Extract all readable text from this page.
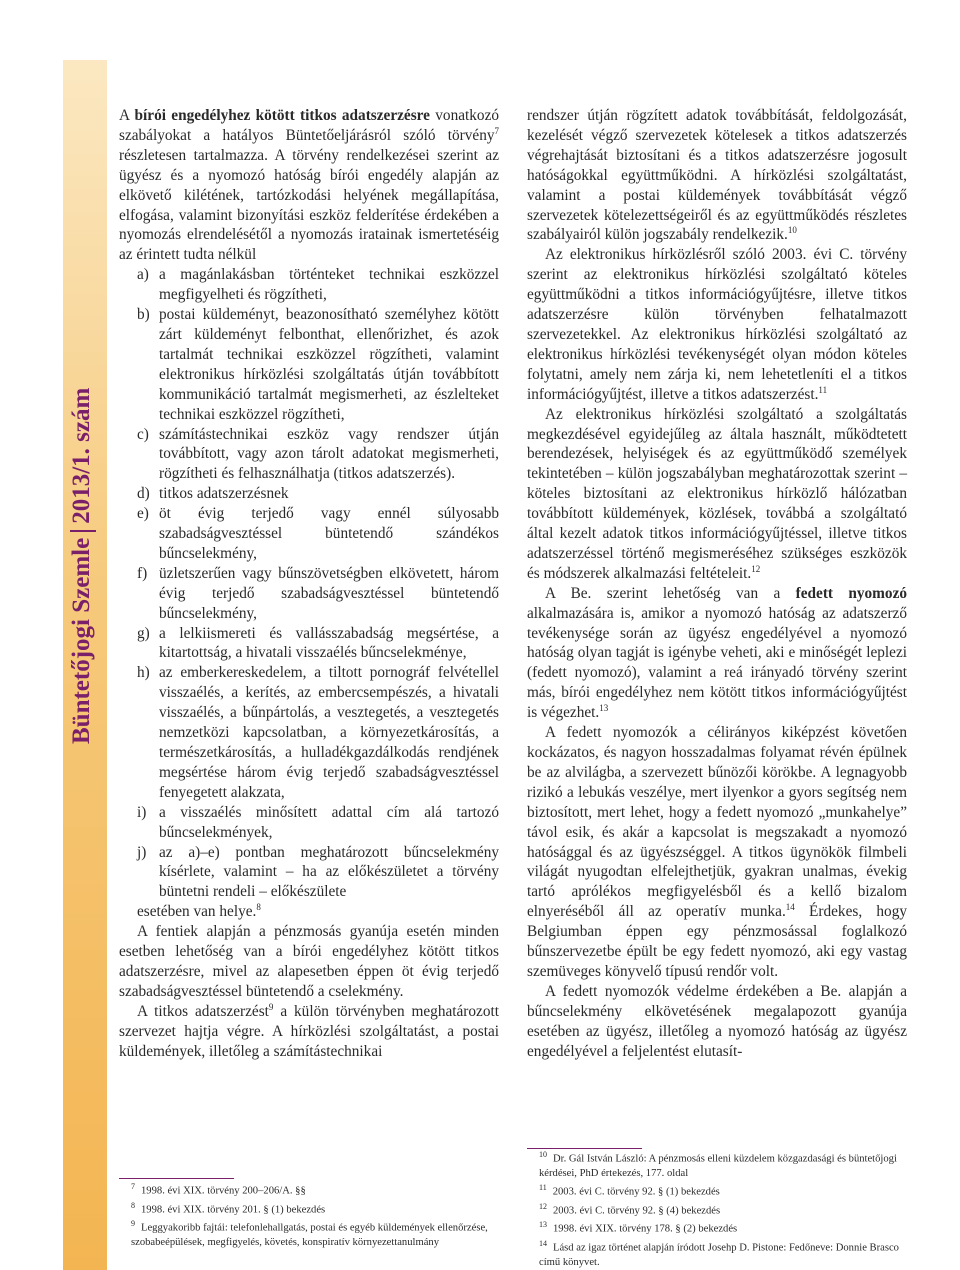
Büntetőjogi Szemle2013/1. szám

A bírói engedélyhez kötött titkos adatszerzésre vonatkozó szabályokat a hatályos Büntetőeljárásról szóló törvény$^7$ részletesen tartalmazza. A törvény rendelkezései szerint az ügyész és a nyomozó hatóság bírói engedély alapján az elkövető kilétének, tartózkodási helyének megállapítása, elfogása, valamint bizonyítási eszköz felderítése érdekében a nyomozás elrendelésétől a nyomozás iratainak ismertetéséig az érintett tudta nélkül

a) a magánlakásban történteket technikai eszközzel megfigyelheti és rögzítheti,
b) postai küldeményt, beazonosítható személyhez kötött zárt küldeményt felbonthat, ellenőrizhet, és azok tartalmát technikai eszközzel rögzítheti, valamint elektronikus hírközlési szolgáltatás útján továbbított kommunikáció tartalmát megismerheti, az észlelteket technikai eszközzel rögzítheti,
c) számítástechnikai eszköz vagy rendszer útján továbbított, vagy azon tárolt adatokat megismerheti, rögzítheti és felhasználhatja (titkos adatszerzés).
d) titkos adatszerzésnek
e) öt évig terjedő vagy ennél súlyosabb szabadságvesztéssel büntetendő szándékos bűncselekmény,
f) üzletszerűen vagy bűnszövetségben elkövetett, három évig terjedő szabadságvesztéssel büntetendő bűncselekmény,
g) a lelkiismereti és vallásszabadság megsértése, a kitartottság, a hivatali visszaélés bűncselekménye,
h) az emberkereskedelem, a tiltott pornográf felvétellel visszaélés, a kerítés, az embercsempészés, a hivatali visszaélés, a bűnpártolás, a vesztegetés, a vesztegetés nemzetközi kapcsolatban, a környezetkárosítás, a természetkárosítás, a hulladékgazdálkodás rendjének megsértése három évig terjedő szabadságvesztéssel fenyegetett alakzata,
i) a visszaélés minősített adattal cím alá tartozó bűncselekmények,
j) az a)–e) pontban meghatározott bűncselekmény kísérlete, valamint – ha az előkészületet a törvény büntetni rendeli – előkészülete

esetében van helye.$^8$

A fentiek alapján a pénzmosás gyanúja esetén minden esetben lehetőség van a bírói engedélyhez kötött titkos adatszerzésre, mivel az alapesetben éppen öt évig terjedő szabadságvesztéssel büntetendő a cselekmény.

A titkos adatszerzést$^9$ a külön törvényben meghatározott szervezet hajtja végre. A hírközlési szolgáltatást, a postai küldemények, illetőleg a számítástechnikai

rendszer útján rögzített adatok továbbítását, feldolgozását, kezelését végző szervezetek kötelesek a titkos adatszerzés végrehajtását biztosítani és a titkos adatszerzésre jogosult hatóságokkal együttműködni. A hírközlési szolgáltatást, valamint a postai küldemények továbbítását végző szervezetek kötelezettségeiről és az együttműködés részletes szabályairól külön jogszabály rendelkezik.$^{10}$

Az elektronikus hírközlésről szóló 2003. évi C. törvény szerint az elektronikus hírközlési szolgáltató köteles együttműködni a titkos információgyűjtésre, illetve titkos adatszerzésre külön törvényben felhatalmazott szervezetekkel. Az elektronikus hírközlési szolgáltató az elektronikus hírközlési tevékenységét olyan módon köteles folytatni, amely nem zárja ki, nem lehetetleníti el a titkos információgyűjtést, illetve a titkos adatszerzést.$^{11}$

Az elektronikus hírközlési szolgáltató a szolgáltatás megkezdésével egyidejűleg az általa használt, működtetett berendezések, helyiségek és az együttműködő személyek tekintetében – külön jogszabályban meghatározottak szerint – köteles biztosítani az elektronikus hírközlő hálózatban továbbított küldemények, közlések, továbbá a szolgáltató által kezelt adatok titkos információgyűjtéssel, illetve titkos adatszerzéssel történő megismeréséhez szükséges eszközök és módszerek alkalmazási feltételeit.$^{12}$

A Be. szerint lehetőség van a fedett nyomozó alkalmazására is, amikor a nyomozó hatóság az adatszerző tevékenysége során az ügyész engedélyével a nyomozó hatóság olyan tagját is igénybe veheti, aki e minőségét leplezi (fedett nyomozó), valamint a reá irányadó törvény szerint más, bírói engedélyhez nem kötött titkos információgyűjtést is végezhet.$^{13}$

A fedett nyomozók a célirányos kiképzést követően kockázatos, és nagyon hosszadalmas folyamat révén épülnek be az alvilágba, a szervezett bűnözői körökbe. A legnagyobb rizikó a lebukás veszélye, mert ilyenkor a gyors segítség nem biztosított, mert lehet, hogy a fedett nyomozó „munkahelye” távol esik, és akár a kapcsolat is megszakadt a nyomozó hatósággal és az ügyészséggel. A titkos ügynökök filmbeli világát nyugodtan elfelejthetjük, gyakran unalmas, évekig tartó aprólékos megfigyelésből és a kellő bizalom elnyeréséből áll az operatív munka.$^{14}$ Érdekes, hogy Belgiumban éppen egy pénzmosással foglalkozó bűnszervezetbe épült be egy fedett nyomozó, aki egy vastag szemüveges könyvelő típusú rendőr volt.

A fedett nyomozók védelme érdekében a Be. alapján a bűncselekmény elkövetésének megalapozott gyanúja esetében az ügyész, illetőleg a nyomozó hatóság az ügyész engedélyével a feljelentést elutasít-

$^7$ 1998. évi XIX. törvény 200–206/A. §§
$^8$ 1998. évi XIX. törvény 201. § (1) bekezdés
$^9$ Leggyakoribb fajtái: telefonlehallgatás, postai és egyéb küldemények ellenőrzése, szobabeépülések, megfigyelés, követés, konspiratív környezettanulmány
$^{10}$ Dr. Gál István László: A pénzmosás elleni küzdelem közgazdasági és büntetőjogi kérdései, PhD értekezés, 177. oldal
$^{11}$ 2003. évi C. törvény 92. § (1) bekezdés
$^{12}$ 2003. évi C. törvény 92. § (4) bekezdés
$^{13}$ 1998. évi XIX. törvény 178. § (2) bekezdés
$^{14}$ Lásd az igaz történet alapján íródott Josehp D. Pistone: Fedőneve: Donnie Brasco című könyvet.
